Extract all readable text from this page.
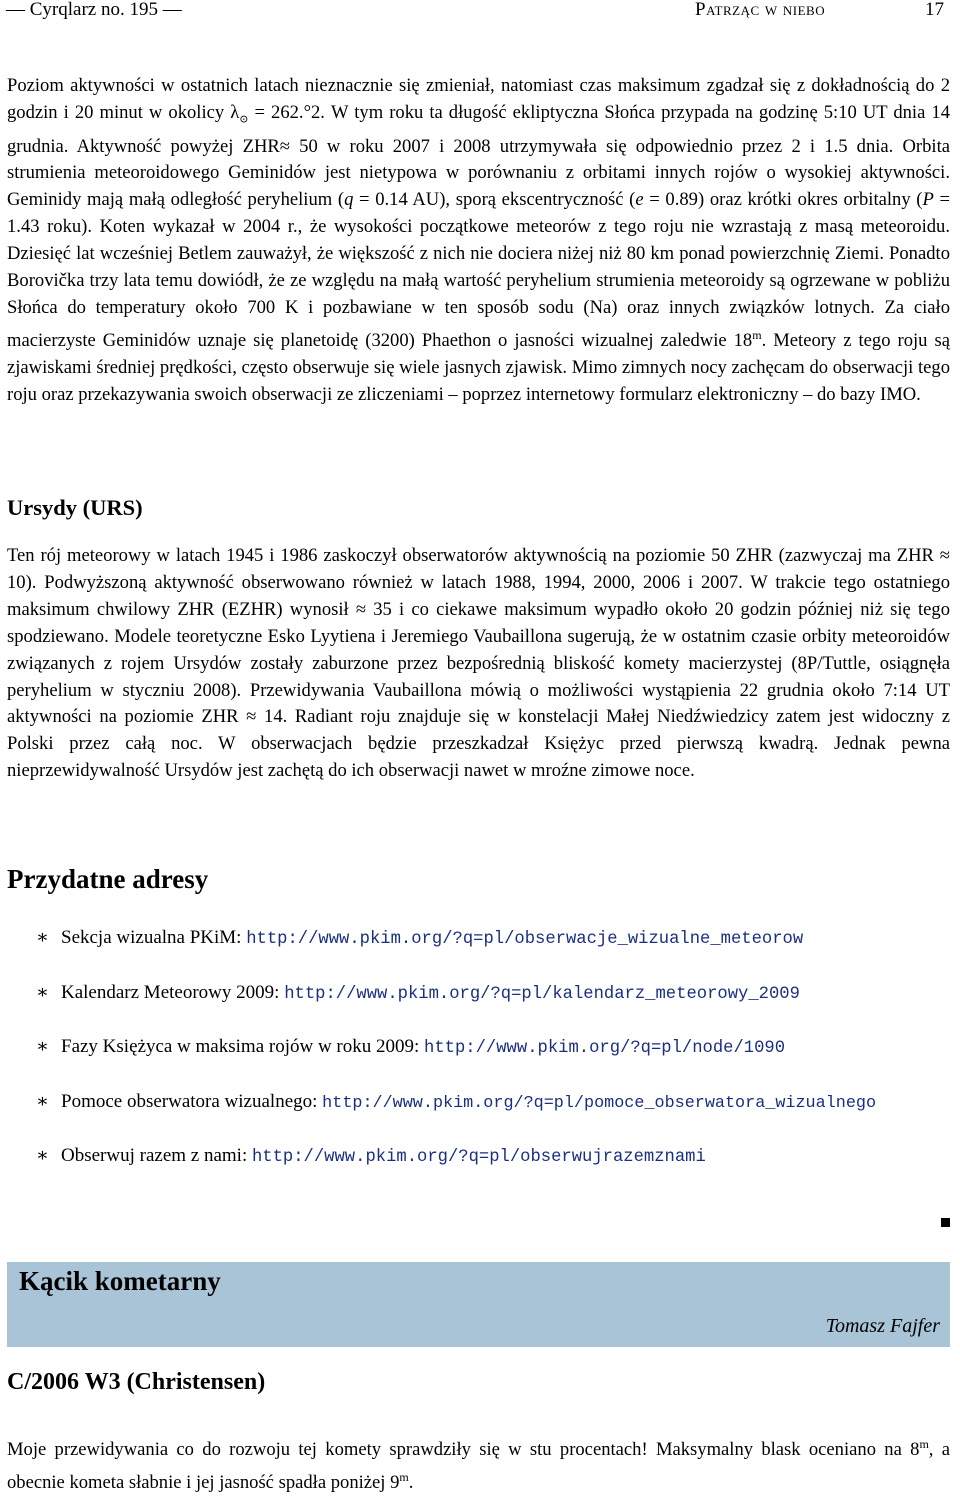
— Cyrqlarz no. 195 —	Patrząc w niebo	17

Poziom aktywności w ostatnich latach nieznacznie się zmieniał, natomiast czas maksimum zgadzał się z dokładnością do 2 godzin i 20 minut w okolicy $\lambda_⊙ = 262.^\circ 2$. W tym roku ta długość ekliptyczna Słońca przypada na godzinę 5:10 UT dnia 14 grudnia. Aktywność powyżej ZHR≈ 50 w roku 2007 i 2008 utrzymywała się odpowiednio przez 2 i 1.5 dnia. Orbita strumienia meteoroidowego Geminidów jest nietypowa w porównaniu z orbitami innych rojów o wysokiej aktywności. Geminidy mają małą odległość peryhelium (q = 0.14 AU), sporą ekscentryczność (e = 0.89) oraz krótki okres orbitalny (P = 1.43 roku). Koten wykazał w 2004 r., że wysokości początkowe meteorów z tego roju nie wzrastają z masą meteoroidu. Dziesięć lat wcześniej Betlem zauważył, że większość z nich nie dociera niżej niż 80 km ponad powierzchnię Ziemi. Ponadto Borovička trzy lata temu dowiódł, że ze względu na małą wartość peryhelium strumienia meteoroidy są ogrzewane w pobliżu Słońca do temperatury około 700 K i pozbawiane w ten sposób sodu (Na) oraz innych związków lotnych. Za ciało macierzyste Geminidów uznaje się planetoidę (3200) Phaethon o jasności wizualnej zaledwie 18$^m$. Meteory z tego roju są zjawiskami średniej prędkości, często obserwuje się wiele jasnych zjawisk. Mimo zimnych nocy zachęcam do obserwacji tego roju oraz przekazywania swoich obserwacji ze zliczeniami – poprzez internetowy formularz elektroniczny – do bazy IMO.

Ursydy (URS)

Ten rój meteorowy w latach 1945 i 1986 zaskoczył obserwatorów aktywnością na poziomie 50 ZHR (zazwyczaj ma ZHR ≈ 10). Podwyższoną aktywność obserwowano również w latach 1988, 1994, 2000, 2006 i 2007. W trakcie tego ostatniego maksimum chwilowy ZHR (EZHR) wynosił ≈ 35 i co ciekawe maksimum wypadło około 20 godzin później niż się tego spodziewano. Modele teoretyczne Esko Lyytiena i Jeremiego Vaubaillona sugerują, że w ostatnim czasie orbity meteoroidów związanych z rojem Ursydów zostały zaburzone przez bezpośrednią bliskość komety macierzystej (8P/Tuttle, osiągnęła peryhelium w styczniu 2008). Przewidywania Vaubaillona mówią o możliwości wystąpienia 22 grudnia około 7:14 UT aktywności na poziomie ZHR ≈ 14. Radiant roju znajduje się w konstelacji Małej Niedźwiedzicy zatem jest widoczny z Polski przez całą noc. W obserwacjach będzie przeszkadzał Księżyc przed pierwszą kwadrą. Jednak pewna nieprzewidywalność Ursydów jest zachętą do ich obserwacji nawet w mroźne zimowe noce.

Przydatne adresy
∗ Sekcja wizualna PKiM: http://www.pkim.org/?q=pl/obserwacje_wizualne_meteorow
∗ Kalendarz Meteorowy 2009: http://www.pkim.org/?q=pl/kalendarz_meteorowy_2009
∗ Fazy Księżyca w maksima rojów w roku 2009: http://www.pkim.org/?q=pl/node/1090
∗ Pomoce obserwatora wizualnego: http://www.pkim.org/?q=pl/pomoce_obserwatora_wizualnego
∗ Obserwuj razem z nami: http://www.pkim.org/?q=pl/obserwujrazemznami
Kącik kometarny
Tomasz Fajfer
C/2006 W3 (Christensen)

Moje przewidywania co do rozwoju tej komety sprawdziły się w stu procentach! Maksymalny blask oceniano na 8$^m$, a obecnie kometa słabnie i jej jasność spadła poniżej 9$^m$.
